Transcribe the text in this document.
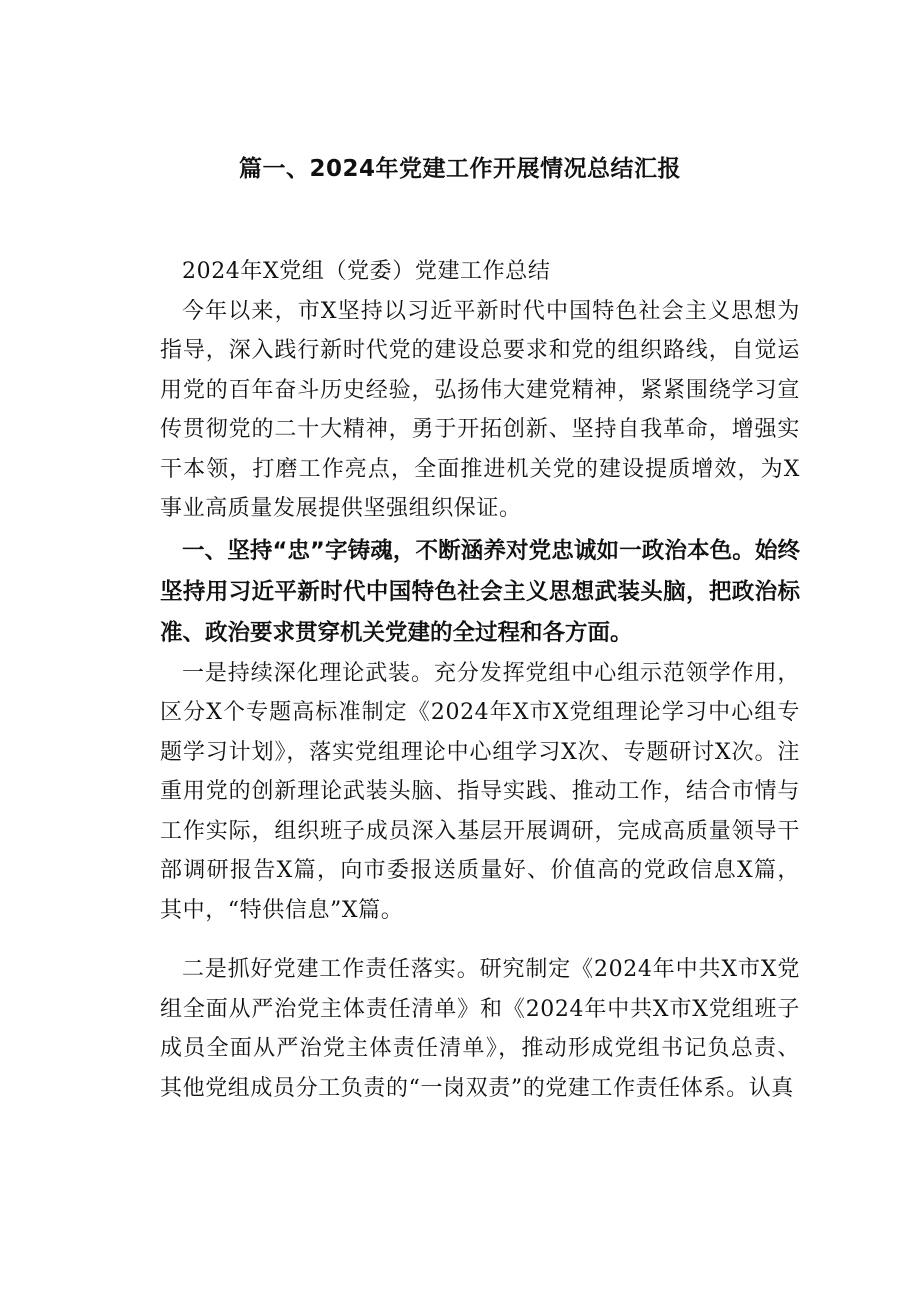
篇一、2024年党建工作开展情况总结汇报

2024年X党组（党委）党建工作总结

今年以来，市X坚持以习近平新时代中国特色社会主义思想为指导，深入践行新时代党的建设总要求和党的组织路线，自觉运用党的百年奋斗历史经验，弘扬伟大建党精神，紧紧围绕学习宣传贯彻党的二十大精神，勇于开拓创新、坚持自我革命，增强实干本领，打磨工作亮点，全面推进机关党的建设提质增效，为X事业高质量发展提供坚强组织保证。

一、坚持“忠”字铸魂，不断涵养对党忠诚如一政治本色。始终坚持用习近平新时代中国特色社会主义思想武装头脑，把政治标准、政治要求贯穿机关党建的全过程和各方面。

一是持续深化理论武装。充分发挥党组中心组示范领学作用，区分X个专题高标准制定《2024年X市X党组理论学习中心组专题学习计划》，落实党组理论中心组学习X次、专题研讨X次。注重用党的创新理论武装头脑、指导实践、推动工作，结合市情与工作实际，组织班子成员深入基层开展调研，完成高质量领导干部调研报告X篇，向市委报送质量好、价值高的党政信息X篇，其中，“特供信息”X篇。

二是抓好党建工作责任落实。研究制定《2024年中共X市X党组全面从严治党主体责任清单》和《2024年中共X市X党组班子成员全面从严治党主体责任清单》，推动形成党组书记负总责、其他党组成员分工负责的“一岗双责”的党建工作责任体系。认真
